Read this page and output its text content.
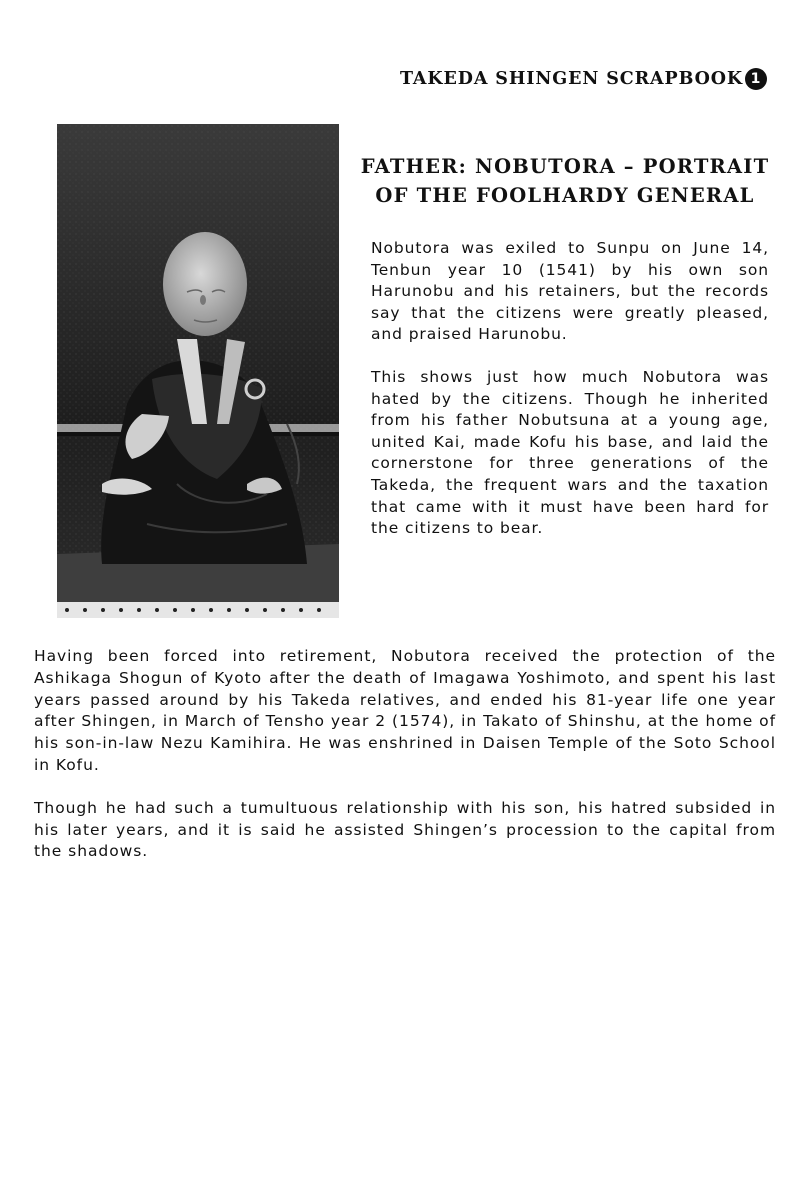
TAKEDA SHINGEN SCRAPBOOK 1
FATHER: NOBUTORA – PORTRAIT
OF THE FOOLHARDY GENERAL

Nobutora was exiled to Sunpu on June 14, Tenbun year 10 (1541) by his own son Harunobu and his retainers, but the records say that the citizens were greatly pleased, and praised Harunobu.

This shows just how much Nobutora was hated by the citizens. Though he inherited from his father Nobutsuna at a young age, united Kai, made Kofu his base, and laid the cornerstone for three generations of the Takeda, the frequent wars and the taxation that came with it must have been hard for the citizens to bear.

Having been forced into retirement, Nobutora received the protection of the Ashikaga Shogun of Kyoto after the death of Imagawa Yoshimoto, and spent his last years passed around by his Takeda relatives, and ended his 81-year life one year after Shingen, in March of Tensho year 2 (1574), in Takato of Shinshu, at the home of his son-in-law Nezu Kamihira. He was enshrined in Daisen Temple of the Soto School in Kofu.

Though he had such a tumultuous relationship with his son, his hatred subsided in his later years, and it is said he assisted Shingen’s procession to the capital from the shadows.
